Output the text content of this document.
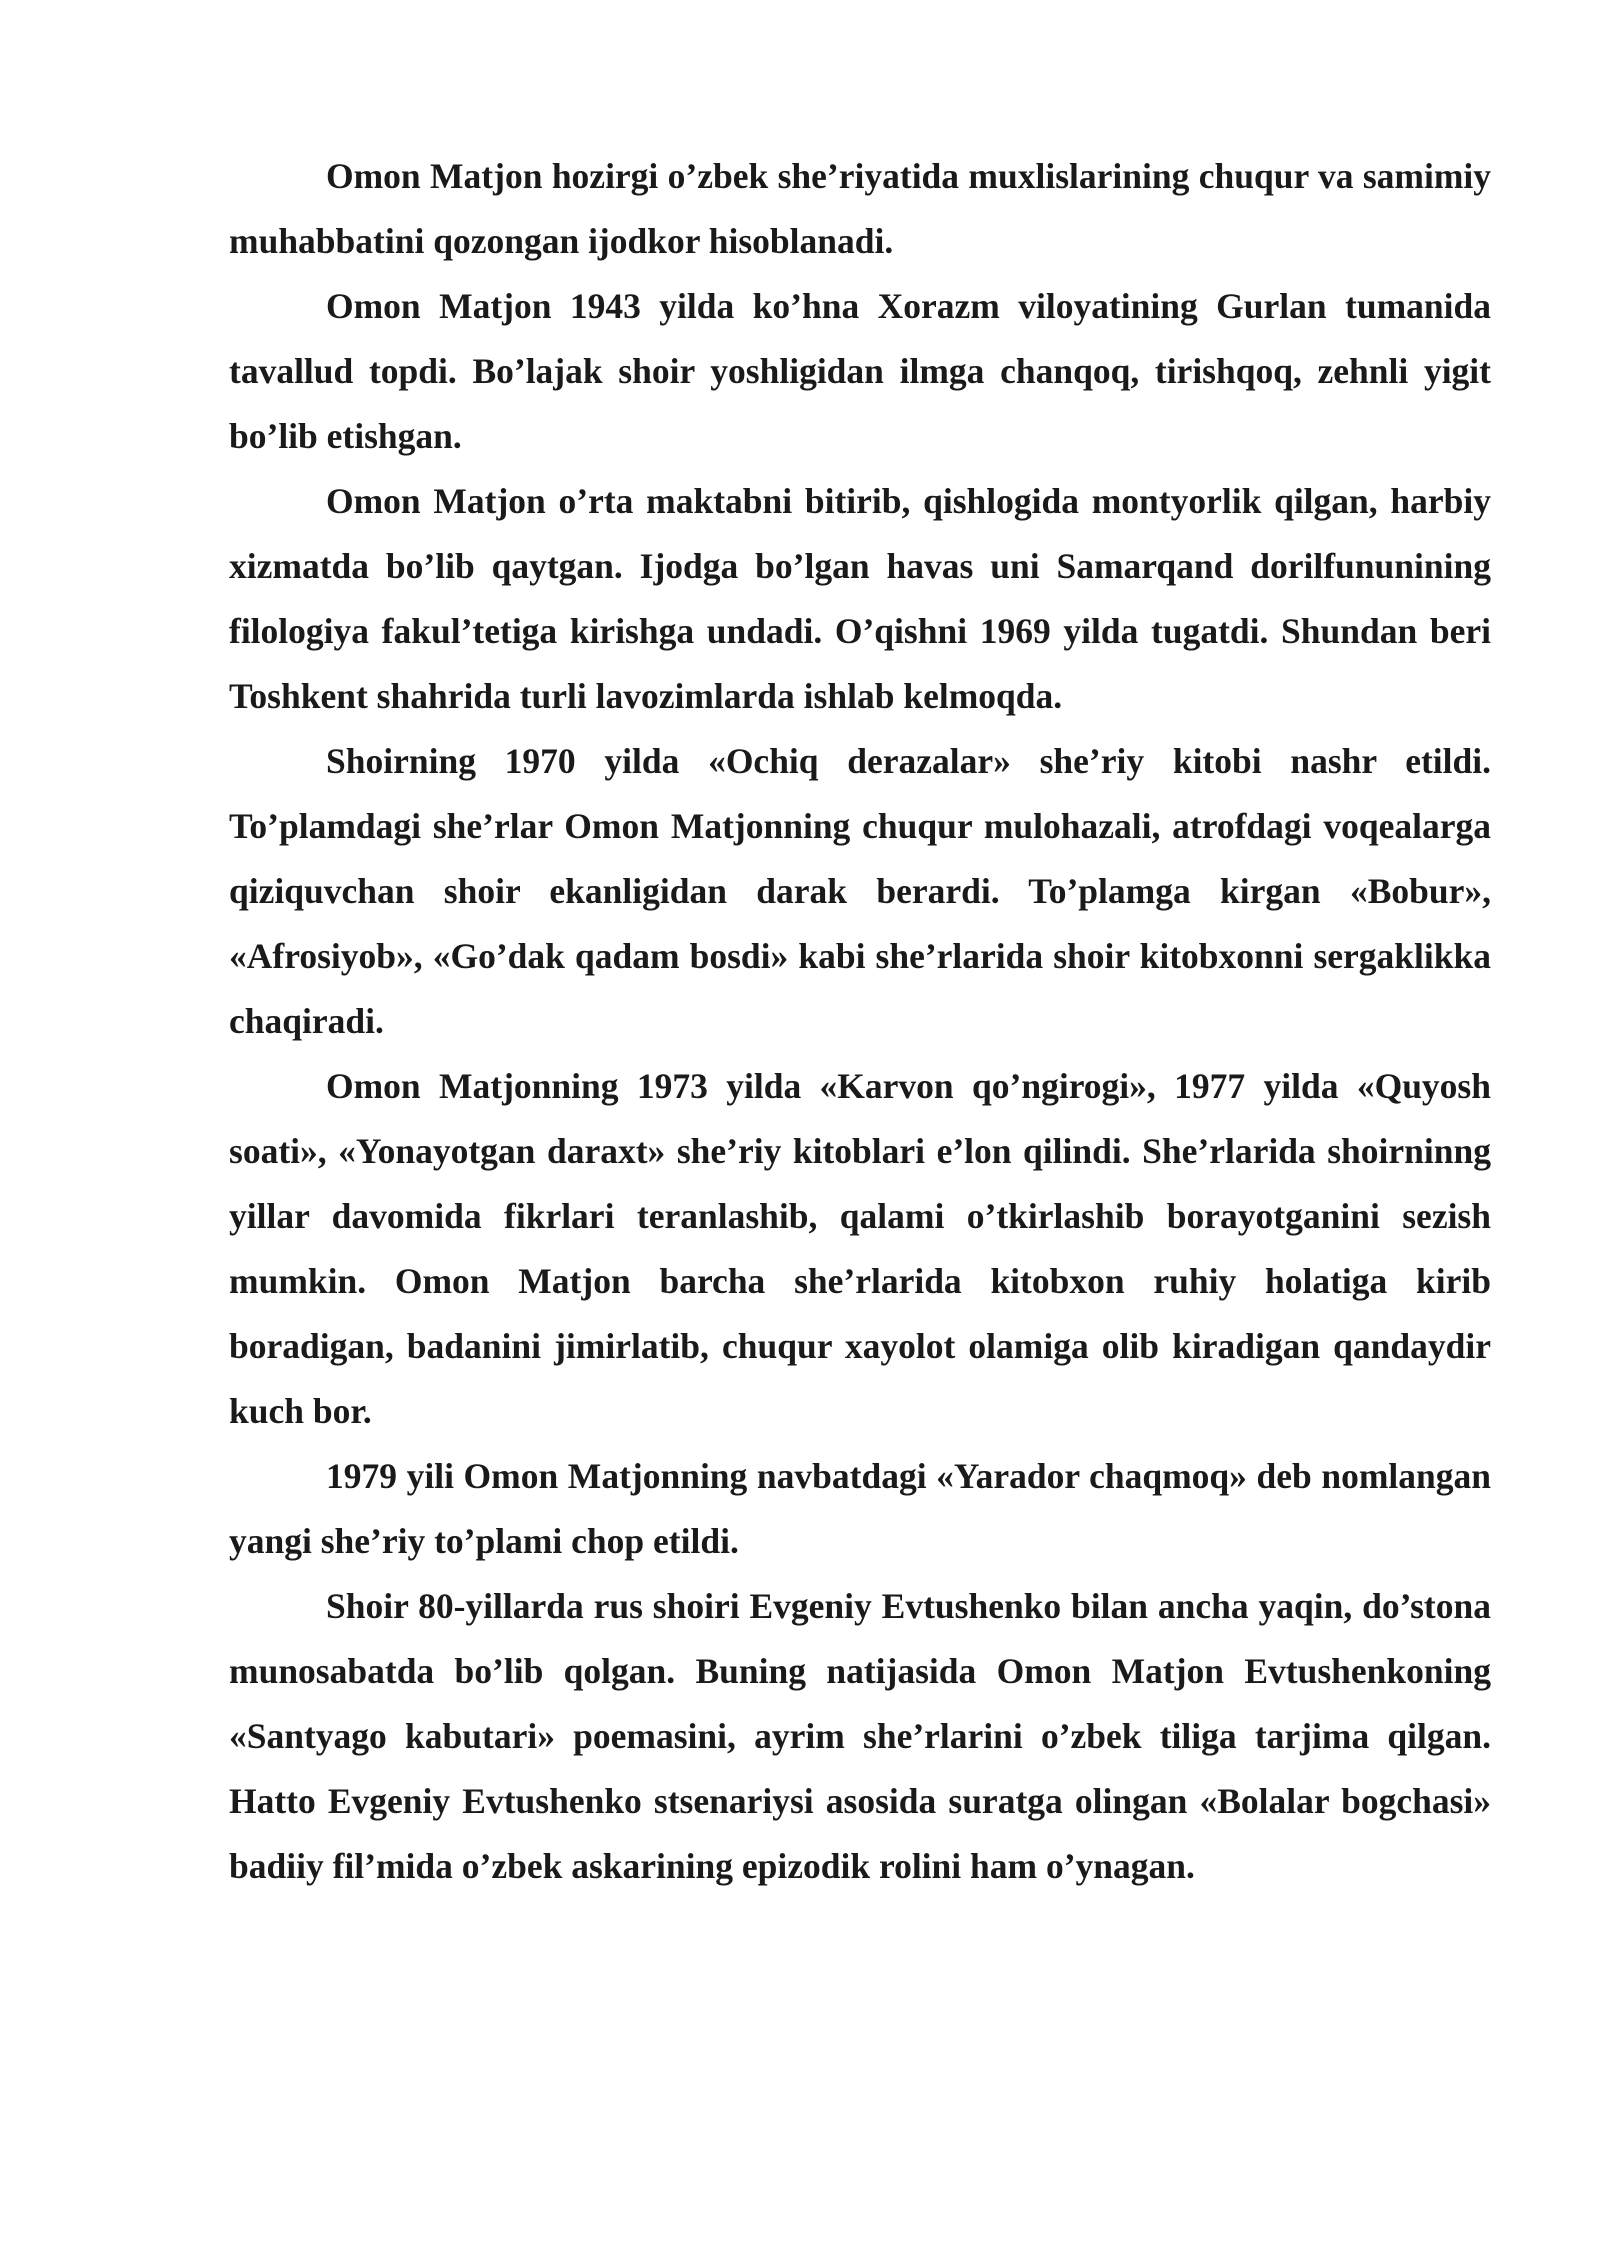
Omon Matjon hozirgi o’zbek she’riyatida muxlislarining chuqur va samimiy muhabbatini qozongan ijodkor hisoblanadi.

Omon Matjon 1943 yilda ko’hna Xorazm viloyatining Gurlan tumanida tavallud topdi. Bo’lajak shoir yoshligidan ilmga chanqoq, tirishqoq, zehnli yigit bo’lib etishgan.

Omon Matjon o’rta maktabni bitirib, qishlogida montyorlik qilgan, harbiy xizmatda bo’lib qaytgan. Ijodga bo’lgan havas uni Samarqand dorilfununining filologiya fakul’tetiga kirishga undadi. O’qishni 1969 yilda tugatdi. Shundan beri Toshkent shahrida turli lavozimlarda ishlab kelmoqda.

Shoirning 1970 yilda «Ochiq derazalar» she’riy kitobi nashr etildi. To’plamdagi she’rlar Omon Matjonning chuqur mulohazali, atrofdagi voqealarga qiziquvchan shoir ekanligidan darak berardi. To’plamga kirgan «Bobur», «Afrosiyob», «Go’dak qadam bosdi» kabi she’rlarida shoir kitobxonni sergaklikka chaqiradi.

Omon Matjonning 1973 yilda «Karvon qo’ngirogi», 1977 yilda «Quyosh soati», «Yonayotgan daraxt» she’riy kitoblari e’lon qilindi. She’rlarida shoirninng yillar davomida fikrlari teranlashib, qalami o’tkirlashib borayotganini sezish mumkin. Omon Matjon barcha she’rlarida kitobxon ruhiy holatiga kirib boradigan, badanini jimirlatib, chuqur xayolot olamiga olib kiradigan qandaydir kuch bor.

1979 yili Omon Matjonning navbatdagi «Yarador chaqmoq» deb nomlangan yangi she’riy to’plami chop etildi.

Shoir 80-yillarda rus shoiri Evgeniy Evtushenko bilan ancha yaqin, do’stona munosabatda bo’lib qolgan. Buning natijasida Omon Matjon Evtushenkoning «Santyago kabutari» poemasini, ayrim she’rlarini o’zbek tiliga tarjima qilgan. Hatto Evgeniy Evtushenko stsenariysi asosida suratga olingan «Bolalar bogchasi» badiiy fil’mida o’zbek askarining epizodik rolini ham o’ynagan.
